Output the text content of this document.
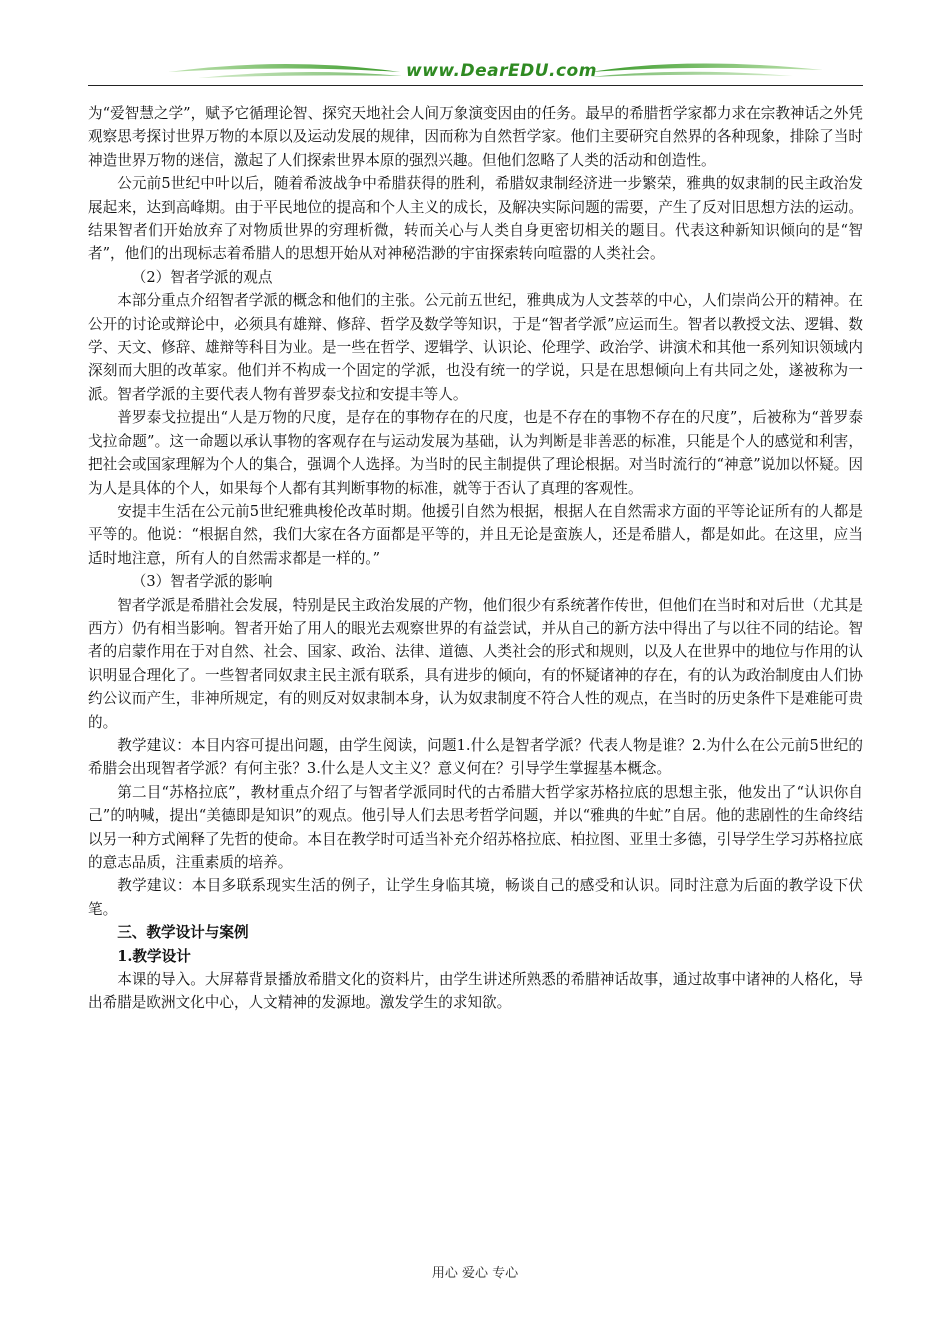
www.DearEDU.com

为“爱智慧之学”，赋予它循理论智、探究天地社会人间万象演变因由的任务。最早的希腊哲学家都力求在宗教神话之外凭观察思考探讨世界万物的本原以及运动发展的规律，因而称为自然哲学家。他们主要研究自然界的各种现象，排除了当时神造世界万物的迷信，激起了人们探索世界本原的强烈兴趣。但他们忽略了人类的活动和创造性。

公元前5世纪中叶以后，随着希波战争中希腊获得的胜利，希腊奴隶制经济进一步繁荣，雅典的奴隶制的民主政治发展起来，达到高峰期。由于平民地位的提高和个人主义的成长，及解决实际问题的需要，产生了反对旧思想方法的运动。结果智者们开始放弃了对物质世界的穷理析微，转而关心与人类自身更密切相关的题目。代表这种新知识倾向的是“智者”，他们的出现标志着希腊人的思想开始从对神秘浩渺的宇宙探索转向喧嚣的人类社会。

（2）智者学派的观点

本部分重点介绍智者学派的概念和他们的主张。公元前五世纪，雅典成为人文荟萃的中心，人们崇尚公开的精神。在公开的讨论或辩论中，必须具有雄辩、修辞、哲学及数学等知识，于是“智者学派”应运而生。智者以教授文法、逻辑、数学、天文、修辞、雄辩等科目为业。是一些在哲学、逻辑学、认识论、伦理学、政治学、讲演术和其他一系列知识领域内深刻而大胆的改革家。他们并不构成一个固定的学派，也没有统一的学说，只是在思想倾向上有共同之处，遂被称为一派。智者学派的主要代表人物有普罗泰戈拉和安提丰等人。

普罗泰戈拉提出“人是万物的尺度，是存在的事物存在的尺度，也是不存在的事物不存在的尺度”，后被称为“普罗泰戈拉命题”。这一命题以承认事物的客观存在与运动发展为基础，认为判断是非善恶的标准，只能是个人的感觉和利害，把社会或国家理解为个人的集合，强调个人选择。为当时的民主制提供了理论根据。对当时流行的“神意”说加以怀疑。因为人是具体的个人，如果每个人都有其判断事物的标准，就等于否认了真理的客观性。

安提丰生活在公元前5世纪雅典梭伦改革时期。他援引自然为根据，根据人在自然需求方面的平等论证所有的人都是平等的。他说：“根据自然，我们大家在各方面都是平等的，并且无论是蛮族人，还是希腊人，都是如此。在这里，应当适时地注意，所有人的自然需求都是一样的。”

（3）智者学派的影响

智者学派是希腊社会发展，特别是民主政治发展的产物，他们很少有系统著作传世，但他们在当时和对后世（尤其是西方）仍有相当影响。智者开始了用人的眼光去观察世界的有益尝试，并从自己的新方法中得出了与以往不同的结论。智者的启蒙作用在于对自然、社会、国家、政治、法律、道德、人类社会的形式和规则，以及人在世界中的地位与作用的认识明显合理化了。一些智者同奴隶主民主派有联系，具有进步的倾向，有的怀疑诸神的存在，有的认为政治制度由人们协约公议而产生，非神所规定，有的则反对奴隶制本身，认为奴隶制度不符合人性的观点，在当时的历史条件下是难能可贵的。

教学建议：本目内容可提出问题，由学生阅读，问题1.什么是智者学派？代表人物是谁？2.为什么在公元前5世纪的希腊会出现智者学派？有何主张？3.什么是人文主义？意义何在？引导学生掌握基本概念。

第二目“苏格拉底”，教材重点介绍了与智者学派同时代的古希腊大哲学家苏格拉底的思想主张，他发出了“认识你自己”的呐喊，提出“美德即是知识”的观点。他引导人们去思考哲学问题，并以“雅典的牛虻”自居。他的悲剧性的生命终结以另一种方式阐释了先哲的使命。本目在教学时可适当补充介绍苏格拉底、柏拉图、亚里士多德，引导学生学习苏格拉底的意志品质，注重素质的培养。

教学建议：本目多联系现实生活的例子，让学生身临其境，畅谈自己的感受和认识。同时注意为后面的教学设下伏笔。

三、教学设计与案例

1.教学设计

本课的导入。大屏幕背景播放希腊文化的资料片，由学生讲述所熟悉的希腊神话故事，通过故事中诸神的人格化，导出希腊是欧洲文化中心，人文精神的发源地。激发学生的求知欲。

用心 爱心 专心
